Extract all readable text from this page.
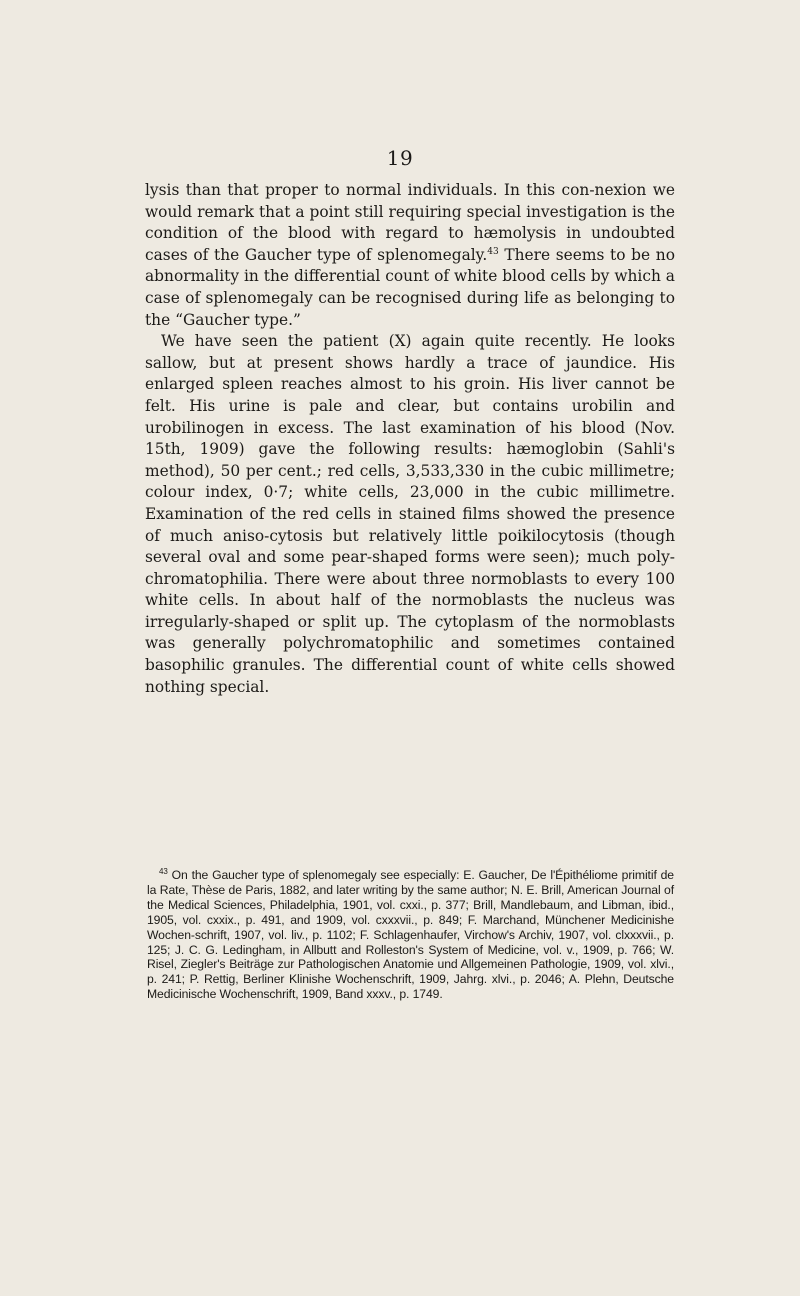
19

lysis than that proper to normal individuals. In this con-nexion we would remark that a point still requiring special investigation is the condition of the blood with regard to hæmolysis in undoubted cases of the Gaucher type of splenomegaly.$^{43}$ There seems to be no abnormality in the differential count of white blood cells by which a case of splenomegaly can be recognised during life as belonging to the “Gaucher type.”

We have seen the patient (X) again quite recently. He looks sallow, but at present shows hardly a trace of jaundice. His enlarged spleen reaches almost to his groin. His liver cannot be felt. His urine is pale and clear, but contains urobilin and urobilinogen in excess. The last examination of his blood (Nov. 15th, 1909) gave the following results: hæmoglobin (Sahli's method), 50 per cent.; red cells, 3,533,330 in the cubic millimetre; colour index, 0·7; white cells, 23,000 in the cubic millimetre. Examination of the red cells in stained films showed the presence of much aniso-cytosis but relatively little poikilocytosis (though several oval and some pear-shaped forms were seen); much poly-chromatophilia. There were about three normoblasts to every 100 white cells. In about half of the normoblasts the nucleus was irregularly-shaped or split up. The cytoplasm of the normoblasts was generally polychromatophilic and sometimes contained basophilic granules. The differential count of white cells showed nothing special.

$^{43}$ On the Gaucher type of splenomegaly see especially: E. Gaucher, De l'Épithéliome primitif de la Rate, Thèse de Paris, 1882, and later writing by the same author; N. E. Brill, American Journal of the Medical Sciences, Philadelphia, 1901, vol. cxxi., p. 377; Brill, Mandlebaum, and Libman, ibid., 1905, vol. cxxix., p. 491, and 1909, vol. cxxxvii., p. 849; F. Marchand, Münchener Medicinishe Wochen-schrift, 1907, vol. liv., p. 1102; F. Schlagenhaufer, Virchow's Archiv, 1907, vol. clxxxvii., p. 125; J. C. G. Ledingham, in Allbutt and Rolleston's System of Medicine, vol. v., 1909, p. 766; W. Risel, Ziegler's Beiträge zur Pathologischen Anatomie und Allgemeinen Pathologie, 1909, vol. xlvi., p. 241; P. Rettig, Berliner Klinishe Wochenschrift, 1909, Jahrg. xlvi., p. 2046; A. Plehn, Deutsche Medicinische Wochenschrift, 1909, Band xxxv., p. 1749.
